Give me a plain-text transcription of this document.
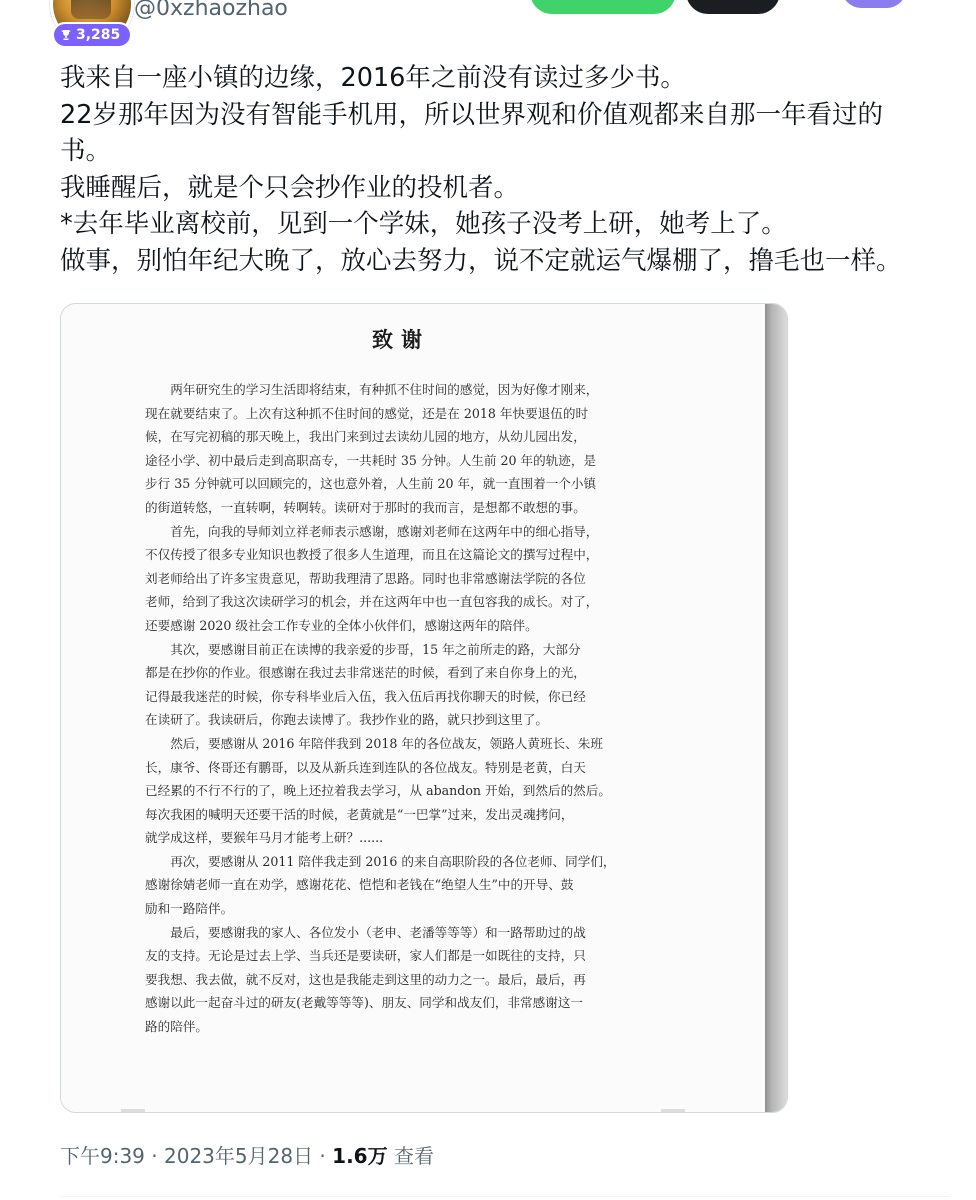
3,285
@0xzhaozhao
我来自一座小镇的边缘，2016年之前没有读过多少书。
22岁那年因为没有智能手机用，所以世界观和价值观都来自那一年看过的
书。
我睡醒后，就是个只会抄作业的投机者。
*去年毕业离校前，见到一个学妹，她孩子没考上研，她考上了。
做事，别怕年纪大晚了，放心去努力，说不定就运气爆棚了，撸毛也一样。
致谢
　　两年研究生的学习生活即将结束，有种抓不住时间的感觉，因为好像才刚来，
现在就要结束了。上次有这种抓不住时间的感觉，还是在 2018 年快要退伍的时
候，在写完初稿的那天晚上，我出门来到过去读幼儿园的地方，从幼儿园出发，
途径小学、初中最后走到高职高专，一共耗时 35 分钟。人生前 20 年的轨迹，是
步行 35 分钟就可以回顾完的，这也意外着，人生前 20 年，就一直围着一个小镇
的街道转悠，一直转啊，转啊转。读研对于那时的我而言，是想都不敢想的事。
　　首先，向我的导师刘立祥老师表示感谢，感谢刘老师在这两年中的细心指导，
不仅传授了很多专业知识也教授了很多人生道理，而且在这篇论文的撰写过程中，
刘老师给出了许多宝贵意见，帮助我理清了思路。同时也非常感谢法学院的各位
老师，给到了我这次读研学习的机会，并在这两年中也一直包容我的成长。对了，
还要感谢 2020 级社会工作专业的全体小伙伴们，感谢这两年的陪伴。
　　其次，要感谢目前正在读博的我亲爱的步哥，15 年之前所走的路，大部分
都是在抄你的作业。很感谢在我过去非常迷茫的时候，看到了来自你身上的光，
记得最我迷茫的时候，你专科毕业后入伍，我入伍后再找你聊天的时候，你已经
在读研了。我读研后，你跑去读博了。我抄作业的路，就只抄到这里了。
　　然后，要感谢从 2016 年陪伴我到 2018 年的各位战友，领路人黄班长、朱班
长，康爷、佟哥还有鹏哥，以及从新兵连到连队的各位战友。特别是老黄，白天
已经累的不行不行的了，晚上还拉着我去学习，从 abandon 开始，到然后的然后。
每次我困的喊明天还要干活的时候，老黄就是“一巴掌”过来，发出灵魂拷问，
就学成这样，要猴年马月才能考上研？......
　　再次，要感谢从 2011 陪伴我走到 2016 的来自高职阶段的各位老师、同学们，
感谢徐婧老师一直在劝学，感谢花花、恺恺和老钱在“绝望人生”中的开导、鼓
励和一路陪伴。
　　最后，要感谢我的家人、各位发小（老申、老潘等等等）和一路帮助过的战
友的支持。无论是过去上学、当兵还是要读研，家人们都是一如既往的支持，只
要我想、我去做，就不反对，这也是我能走到这里的动力之一。最后，最后，再
感谢以此一起奋斗过的研友(老戴等等等)、朋友、同学和战友们，非常感谢这一
路的陪伴。
下午9:39 · 2023年5月28日 · 1.6万 查看
